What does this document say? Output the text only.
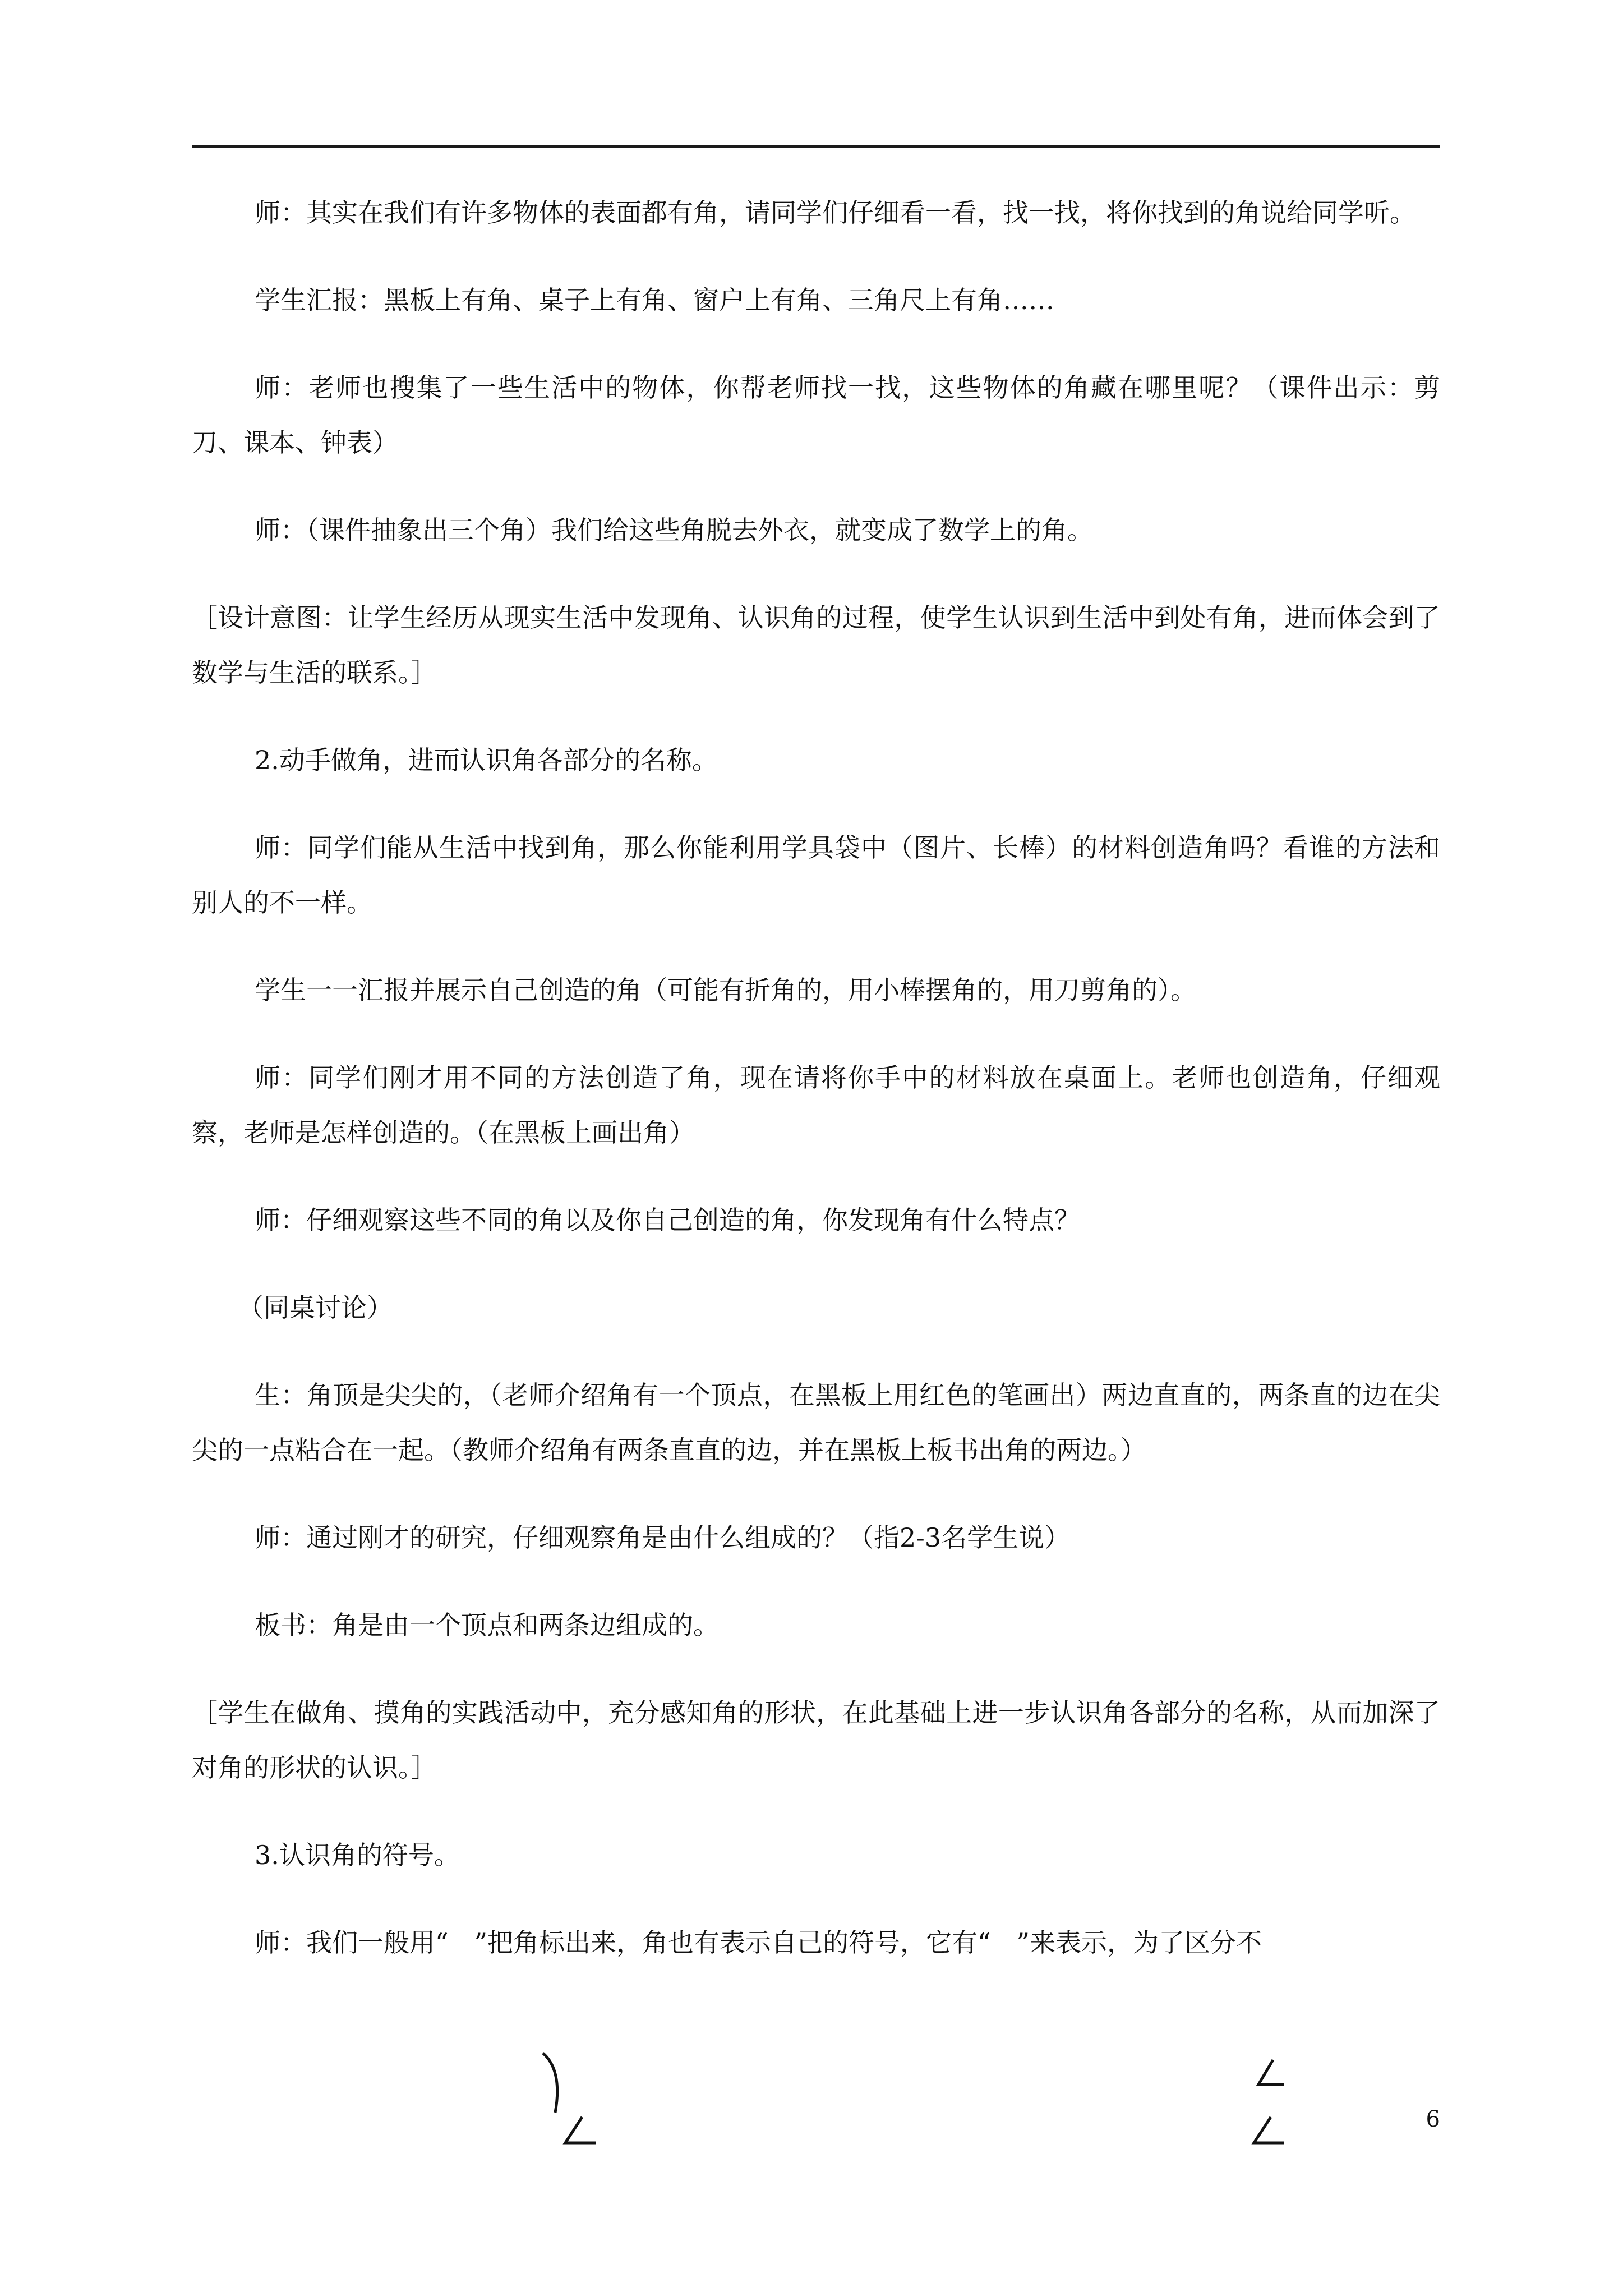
师：其实在我们有许多物体的表面都有角，请同学们仔细看一看，找一找，将你找到的角说给同学听。

学生汇报：黑板上有角、桌子上有角、窗户上有角、三角尺上有角……

师：老师也搜集了一些生活中的物体，你帮老师找一找，这些物体的角藏在哪里呢？（课件出示：剪刀、课本、钟表）

师：（课件抽象出三个角）我们给这些角脱去外衣，就变成了数学上的角。

［设计意图：让学生经历从现实生活中发现角、认识角的过程，使学生认识到生活中到处有角，进而体会到了数学与生活的联系。］

2.动手做角，进而认识角各部分的名称。

师：同学们能从生活中找到角，那么你能利用学具袋中（图片、长棒）的材料创造角吗？看谁的方法和别人的不一样。

学生一一汇报并展示自己创造的角（可能有折角的，用小棒摆角的，用刀剪角的）。

师：同学们刚才用不同的方法创造了角，现在请将你手中的材料放在桌面上。老师也创造角，仔细观察，老师是怎样创造的。（在黑板上画出角）

师：仔细观察这些不同的角以及你自己创造的角，你发现角有什么特点？

（同桌讨论）

生：角顶是尖尖的，（老师介绍角有一个顶点，在黑板上用红色的笔画出）两边直直的，两条直的边在尖尖的一点粘合在一起。（教师介绍角有两条直直的边，并在黑板上板书出角的两边。）

师：通过刚才的研究，仔细观察角是由什么组成的？（指2-3名学生说）

板书：角是由一个顶点和两条边组成的。

［学生在做角、摸角的实践活动中，充分感知角的形状，在此基础上进一步认识角各部分的名称，从而加深了对角的形状的认识。］

3.认识角的符号。

师：我们一般用“　”把角标出来，角也有表示自己的符号，它有“　”来表示，为了区分不

6
